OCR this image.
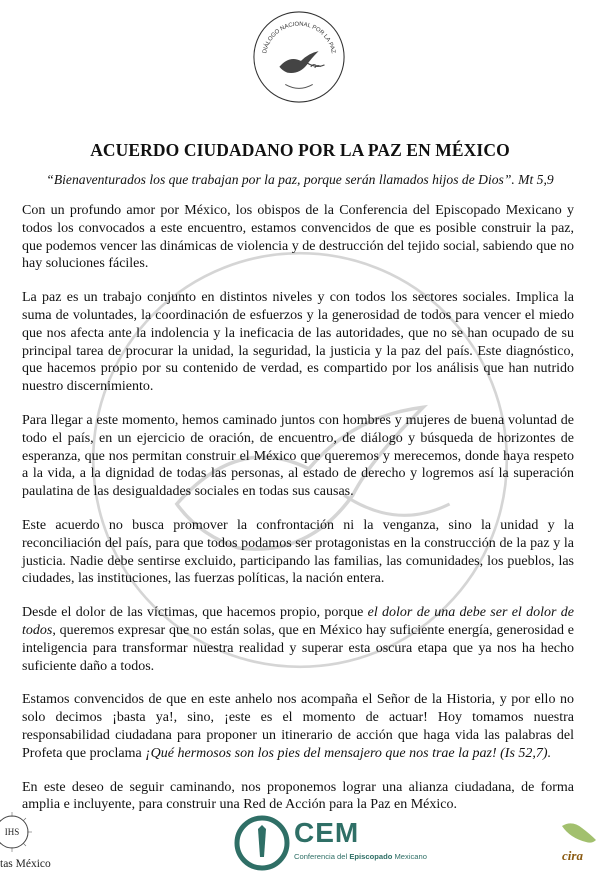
DIÁLOGO NACIONAL POR LA PAZ
ACUERDO CIUDADANO POR LA PAZ EN MÉXICO
“Bienaventurados los que trabajan por la paz, porque serán llamados hijos de Dios”. Mt 5,9

Con un profundo amor por México, los obispos de la Conferencia del Episcopado Mexicano y todos los convocados a este encuentro, estamos convencidos de que es posible construir la paz, que podemos vencer las dinámicas de violencia y de destrucción del tejido social, sabiendo que no hay soluciones fáciles.

La paz es un trabajo conjunto en distintos niveles y con todos los sectores sociales. Implica la suma de voluntades, la coordinación de esfuerzos y la generosidad de todos para vencer el miedo que nos afecta ante la indolencia y la ineficacia de las autoridades, que no se han ocupado de su principal tarea de procurar la unidad, la seguridad, la justicia y la paz del país. Este diagnóstico, que hacemos propio por su contenido de verdad, es compartido por los análisis que han nutrido nuestro discernimiento.

Para llegar a este momento, hemos caminado juntos con hombres y mujeres de buena voluntad de todo el país, en un ejercicio de oración, de encuentro, de diálogo y búsqueda de horizontes de esperanza, que nos permitan construir el México que queremos y merecemos, donde haya respeto a la vida, a la dignidad de todas las personas, al estado de derecho y logremos así la superación paulatina de las desigualdades sociales en todas sus causas.

Este acuerdo no busca promover la confrontación ni la venganza, sino la unidad y la reconciliación del país, para que todos podamos ser protagonistas en la construcción de la paz y la justicia. Nadie debe sentirse excluido, participando las familias, las comunidades, los pueblos, las ciudades, las instituciones, las fuerzas políticas, la nación entera.

Desde el dolor de las víctimas, que hacemos propio, porque el dolor de una debe ser el dolor de todos, queremos expresar que no están solas, que en México hay suficiente energía, generosidad e inteligencia para transformar nuestra realidad y superar esta oscura etapa que ya nos ha hecho suficiente daño a todos.

Estamos convencidos de que en este anhelo nos acompaña el Señor de la Historia, y por ello no solo decimos ¡basta ya!, sino, ¡este es el momento de actuar! Hoy tomamos nuestra responsabilidad ciudadana para proponer un itinerario de acción que haga vida las palabras del Profeta que proclama ¡Qué hermosos son los pies del mensajero que nos trae la paz! (Is 52,7).

En este deseo de seguir caminando, nos proponemos lograr una alianza ciudadana, de forma amplia e incluyente, para construir una Red de Acción para la Paz en México.

IHS
tas México
CEM
Conferencia del Episcopado Mexicano	cira
